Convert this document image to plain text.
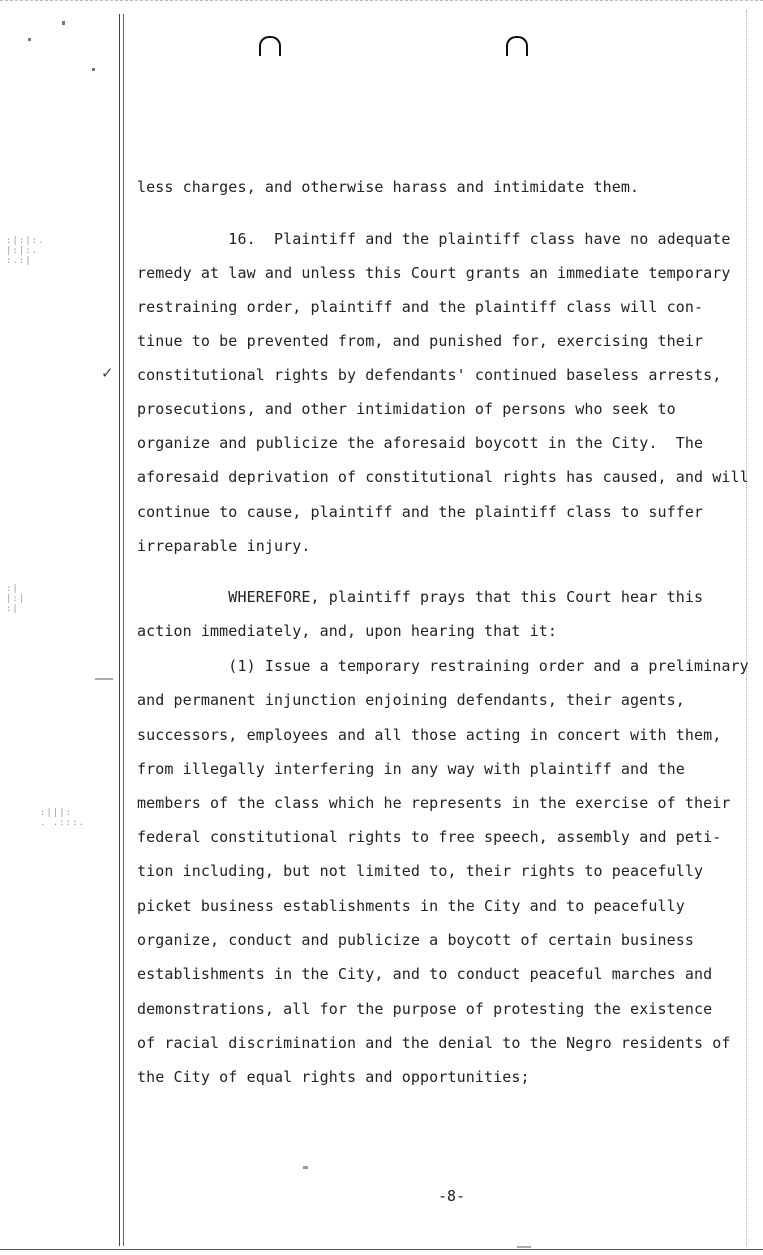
✓
:|:|:.
|:|:.
:.:|
:|
|:|
:|
:|||:
. .:::.

less charges, and otherwise harass and intimidate them.

16.  Plaintiff and the plaintiff class have no adequate

remedy at law and unless this Court grants an immediate temporary

restraining order, plaintiff and the plaintiff class will con-

tinue to be prevented from, and punished for, exercising their

constitutional rights by defendants' continued baseless arrests,

prosecutions, and other intimidation of persons who seek to

organize and publicize the aforesaid boycott in the City.  The

aforesaid deprivation of constitutional rights has caused, and will

continue to cause, plaintiff and the plaintiff class to suffer

irreparable injury.

WHEREFORE, plaintiff prays that this Court hear this

action immediately, and, upon hearing that it:

(1) Issue a temporary restraining order and a preliminary

and permanent injunction enjoining defendants, their agents,

successors, employees and all those acting in concert with them,

from illegally interfering in any way with plaintiff and the

members of the class which he represents in the exercise of their

federal constitutional rights to free speech, assembly and peti-

tion including, but not limited to, their rights to peacefully

picket business establishments in the City and to peacefully

organize, conduct and publicize a boycott of certain business

establishments in the City, and to conduct peaceful marches and

demonstrations, all for the purpose of protesting the existence

of racial discrimination and the denial to the Negro residents of

the City of equal rights and opportunities;

-8-
